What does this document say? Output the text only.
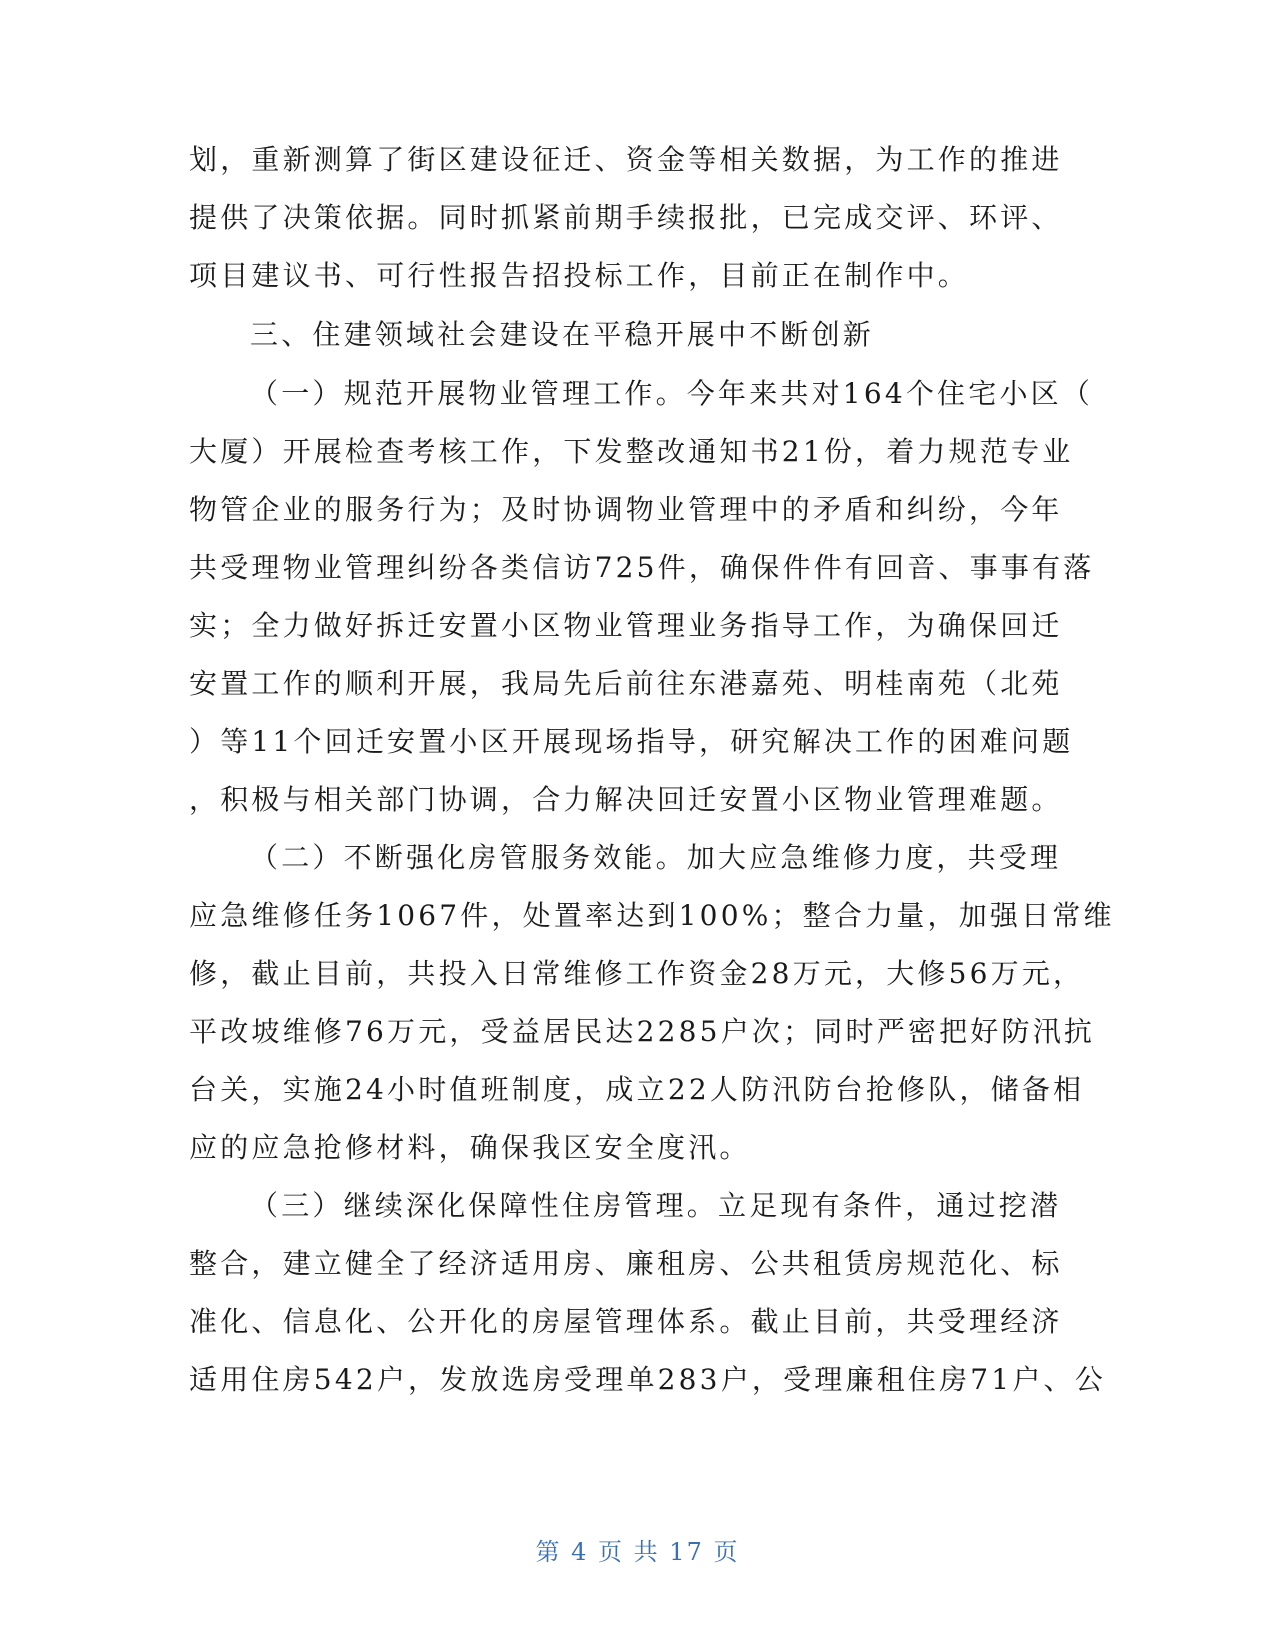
划，重新测算了街区建设征迁、资金等相关数据，为工作的推进
提供了决策依据。同时抓紧前期手续报批，已完成交评、环评、
项目建议书、可行性报告招投标工作，目前正在制作中。
三、住建领域社会建设在平稳开展中不断创新
（一）规范开展物业管理工作。今年来共对164个住宅小区（
大厦）开展检查考核工作，下发整改通知书21份，着力规范专业
物管企业的服务行为；及时协调物业管理中的矛盾和纠纷，今年
共受理物业管理纠纷各类信访725件，确保件件有回音、事事有落
实；全力做好拆迁安置小区物业管理业务指导工作，为确保回迁
安置工作的顺利开展，我局先后前往东港嘉苑、明桂南苑（北苑
）等11个回迁安置小区开展现场指导，研究解决工作的困难问题
，积极与相关部门协调，合力解决回迁安置小区物业管理难题。
（二）不断强化房管服务效能。加大应急维修力度，共受理
应急维修任务1067件，处置率达到100%；整合力量，加强日常维
修，截止目前，共投入日常维修工作资金28万元，大修56万元，
平改坡维修76万元，受益居民达2285户次；同时严密把好防汛抗
台关，实施24小时值班制度，成立22人防汛防台抢修队，储备相
应的应急抢修材料，确保我区安全度汛。
（三）继续深化保障性住房管理。立足现有条件，通过挖潜
整合，建立健全了经济适用房、廉租房、公共租赁房规范化、标
准化、信息化、公开化的房屋管理体系。截止目前，共受理经济
适用住房542户，发放选房受理单283户，受理廉租住房71户、公
第 4 页 共 17 页
